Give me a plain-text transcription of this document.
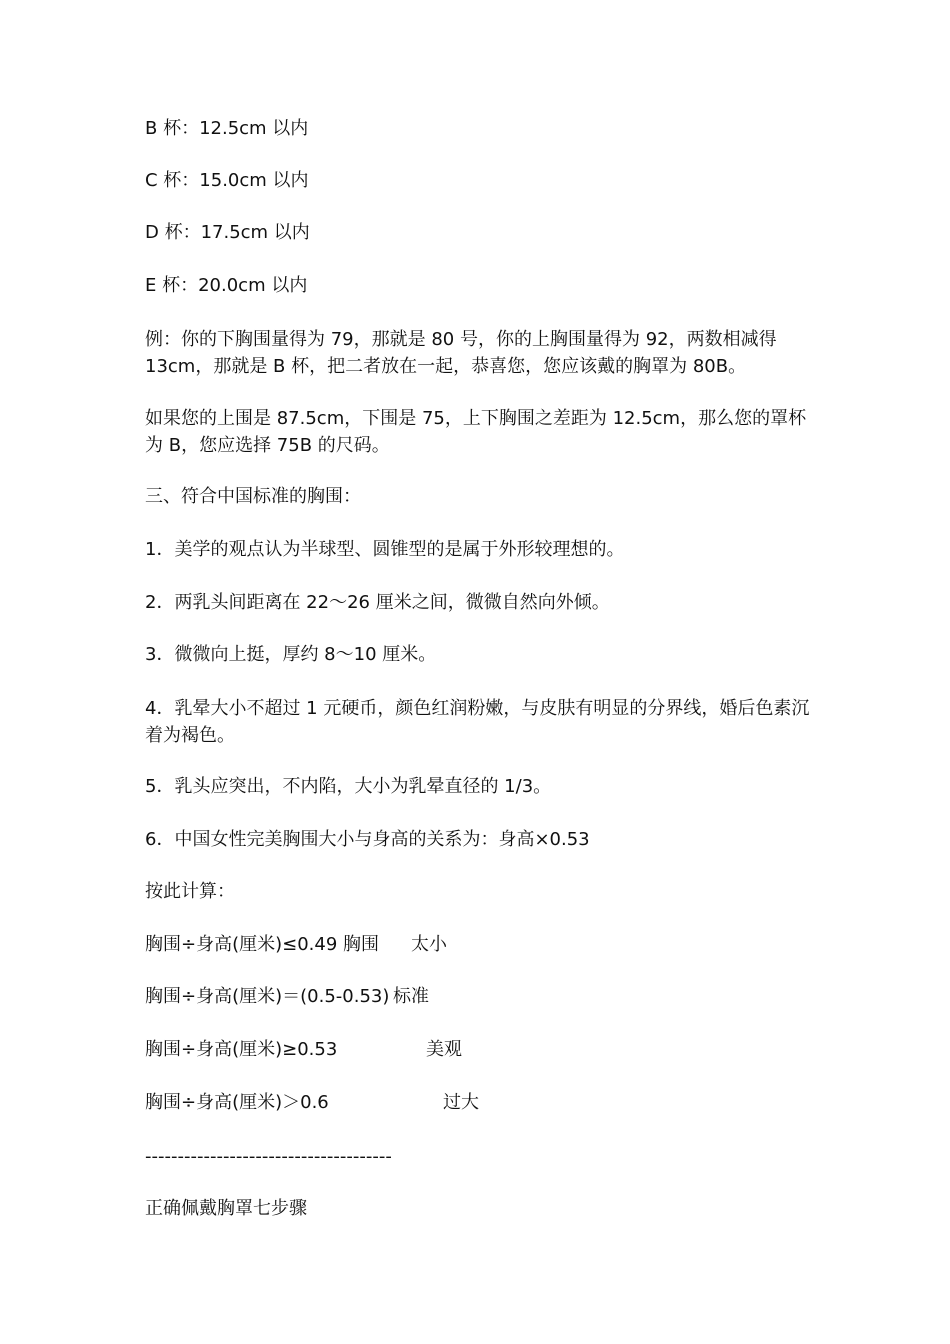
B 杯：12.5cm 以内
C 杯：15.0cm 以内
D 杯：17.5cm 以内
E 杯：20.0cm 以内
例：你的下胸围量得为 79，那就是 80 号，你的上胸围量得为 92，两数相减得 13cm，那就是 B 杯，把二者放在一起，恭喜您，您应该戴的胸罩为 80B。
如果您的上围是 87.5cm，下围是 75，上下胸围之差距为 12.5cm，那么您的罩杯为 B，您应选择 75B 的尺码。
三、符合中国标准的胸围：
1．美学的观点认为半球型、圆锥型的是属于外形较理想的。
2．两乳头间距离在 22～26 厘米之间，微微自然向外倾。
3．微微向上挺，厚约 8～10 厘米。
4．乳晕大小不超过 1 元硬币，颜色红润粉嫩，与皮肤有明显的分界线，婚后色素沉着为褐色。
5．乳头应突出，不内陷，大小为乳晕直径的 1/3。
6．中国女性完美胸围大小与身高的关系为：身高×0.53
按此计算：
胸围÷身高(厘米)≤0.49 胸围 太小
胸围÷身高(厘米)＝(0.5-0.53) 标准
胸围÷身高(厘米)≥0.53	美观
胸围÷身高(厘米)＞0.6	过大
--------------------------------------
正确佩戴胸罩七步骤
